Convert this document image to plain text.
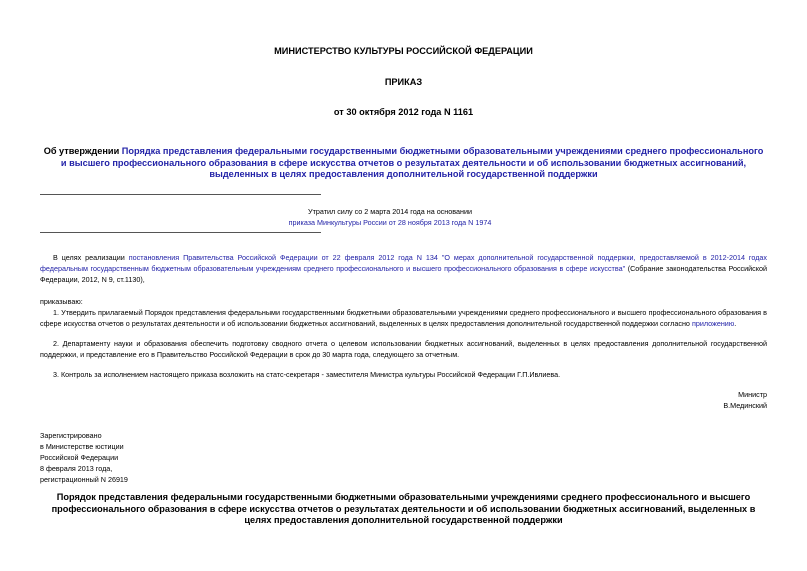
МИНИСТЕРСТВО КУЛЬТУРЫ РОССИЙСКОЙ ФЕДЕРАЦИИ
ПРИКАЗ
от 30 октября 2012 года N 1161
Об утверждении Порядка представления федеральными государственными бюджетными образовательными учреждениями среднего профессионального и высшего профессионального образования в сфере искусства отчетов о результатах деятельности и об использовании бюджетных ассигнований, выделенных в целях предоставления дополнительной государственной поддержки
Утратил силу со 2 марта 2014 года на основании
приказа Минкультуры России от 28 ноября 2013 года N 1974
В целях реализации постановления Правительства Российской Федерации от 22 февраля 2012 года N 134 "О мерах дополнительной государственной поддержки, предоставляемой в 2012-2014 годах федеральным государственным бюджетным образовательным учреждениям среднего профессионального и высшего профессионального образования в сфере искусства" (Собрание законодательства Российской Федерации, 2012, N 9, ст.1130),
приказываю:
1. Утвердить прилагаемый Порядок представления федеральными государственными бюджетными образовательными учреждениями среднего профессионального и высшего профессионального образования в сфере искусства отчетов о результатах деятельности и об использовании бюджетных ассигнований, выделенных в целях предоставления дополнительной государственной поддержки согласно приложению.
2. Департаменту науки и образования обеспечить подготовку сводного отчета о целевом использовании бюджетных ассигнований, выделенных в целях предоставления дополнительной государственной поддержки, и представление его в Правительство Российской Федерации в срок до 30 марта года, следующего за отчетным.
3. Контроль за исполнением настоящего приказа возложить на статс-секретаря - заместителя Министра культуры Российской Федерации Г.П.Ивлиева.
Министр
В.Мединский
Зарегистрировано
в Министерстве юстиции
Российской Федерации
8 февраля 2013 года,
регистрационный N 26919
Порядок представления федеральными государственными бюджетными образовательными учреждениями среднего профессионального и высшего профессионального образования в сфере искусства отчетов о результатах деятельности и об использовании бюджетных ассигнований, выделенных в целях предоставления дополнительной государственной поддержки
